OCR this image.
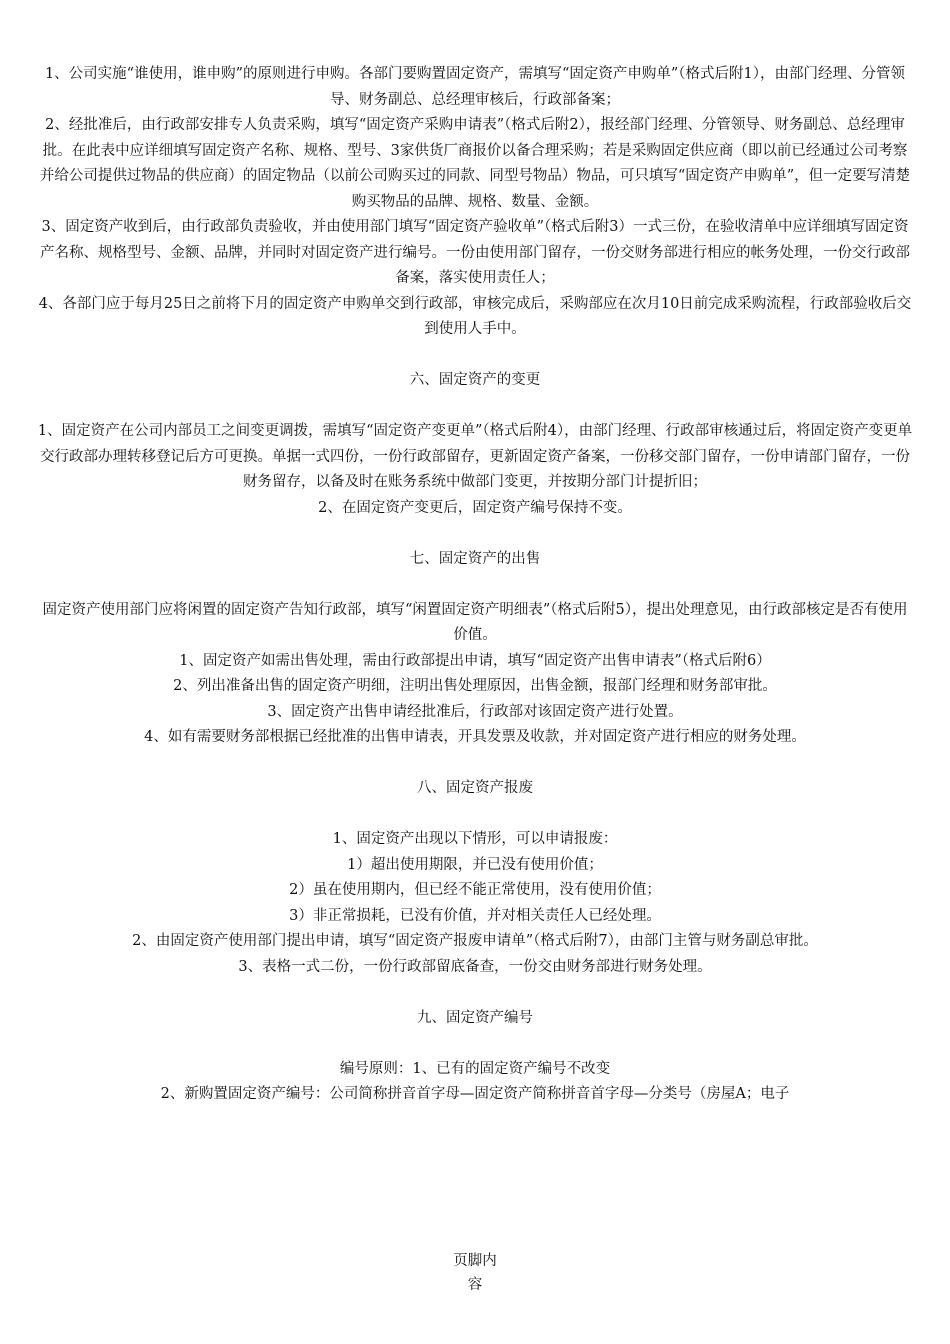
1、公司实施“谁使用，谁申购”的原则进行申购。各部门要购置固定资产，需填写“固定资产申购单”（格式后附1），由部门经理、分管领导、财务副总、总经理审核后，行政部备案；

2、经批准后，由行政部安排专人负责采购，填写“固定资产采购申请表”（格式后附2），报经部门经理、分管领导、财务副总、总经理审批。在此表中应详细填写固定资产名称、规格、型号、3家供货厂商报价以备合理采购；若是采购固定供应商（即以前已经通过公司考察并给公司提供过物品的供应商）的固定物品（以前公司购买过的同款、同型号物品）物品，可只填写“固定资产申购单”，但一定要写清楚购买物品的品牌、规格、数量、金额。

3、固定资产收到后，由行政部负责验收，并由使用部门填写“固定资产验收单”（格式后附3）一式三份，在验收清单中应详细填写固定资产名称、规格型号、金额、品牌，并同时对固定资产进行编号。一份由使用部门留存，一份交财务部进行相应的帐务处理，一份交行政部备案，落实使用责任人；

4、各部门应于每月25日之前将下月的固定资产申购单交到行政部，审核完成后，采购部应在次月10日前完成采购流程，行政部验收后交到使用人手中。

六、固定资产的变更

1、固定资产在公司内部员工之间变更调拨，需填写“固定资产变更单”（格式后附4），由部门经理、行政部审核通过后，将固定资产变更单交行政部办理转移登记后方可更换。单据一式四份，一份行政部留存，更新固定资产备案，一份移交部门留存，一份申请部门留存，一份财务留存，以备及时在账务系统中做部门变更，并按期分部门计提折旧；

2、在固定资产变更后，固定资产编号保持不变。

七、固定资产的出售

固定资产使用部门应将闲置的固定资产告知行政部，填写“闲置固定资产明细表”（格式后附5），提出处理意见，由行政部核定是否有使用价值。

1、固定资产如需出售处理，需由行政部提出申请，填写“固定资产出售申请表”（格式后附6）

2、列出准备出售的固定资产明细，注明出售处理原因，出售金额，报部门经理和财务部审批。

3、固定资产出售申请经批准后，行政部对该固定资产进行处置。

4、如有需要财务部根据已经批准的出售申请表，开具发票及收款，并对固定资产进行相应的财务处理。

八、固定资产报废

1、固定资产出现以下情形，可以申请报废：

1）超出使用期限，并已没有使用价值；

2）虽在使用期内，但已经不能正常使用，没有使用价值；

3）非正常损耗，已没有价值，并对相关责任人已经处理。

2、由固定资产使用部门提出申请，填写“固定资产报废申请单”（格式后附7），由部门主管与财务副总审批。

3、表格一式二份，一份行政部留底备查，一份交由财务部进行财务处理。

九、固定资产编号

编号原则：1、已有的固定资产编号不改变

2、新购置固定资产编号：公司简称拼音首字母—固定资产简称拼音首字母—分类号（房屋A；电子

页脚内
容
